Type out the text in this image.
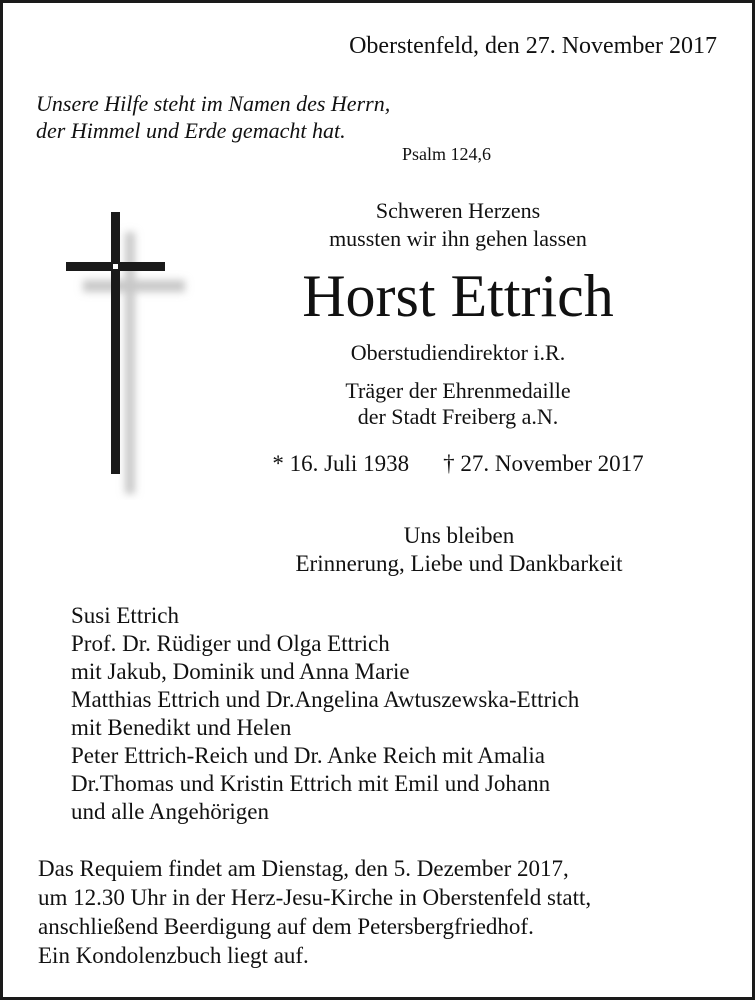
Oberstenfeld, den 27. November 2017
Unsere Hilfe steht im Namen des Herrn,
der Himmel und Erde gemacht hat.
Psalm 124,6
Schweren Herzens
mussten wir ihn gehen lassen
Horst Ettrich
Oberstudiendirektor i.R.
Träger der Ehrenmedaille
der Stadt Freiberg a.N.
* 16. Juli 1938 † 27. November 2017
Uns bleiben
Erinnerung, Liebe und Dankbarkeit
Susi Ettrich
Prof. Dr. Rüdiger und Olga Ettrich
mit Jakub, Dominik und Anna Marie
Matthias Ettrich und Dr.Angelina Awtuszewska-Ettrich
mit Benedikt und Helen
Peter Ettrich-Reich und Dr. Anke Reich mit Amalia
Dr.Thomas und Kristin Ettrich mit Emil und Johann
und alle Angehörigen
Das Requiem findet am Dienstag, den 5. Dezember 2017,
um 12.30 Uhr in der Herz-Jesu-Kirche in Oberstenfeld statt,
anschließend Beerdigung auf dem Petersbergfriedhof.
Ein Kondolenzbuch liegt auf.
